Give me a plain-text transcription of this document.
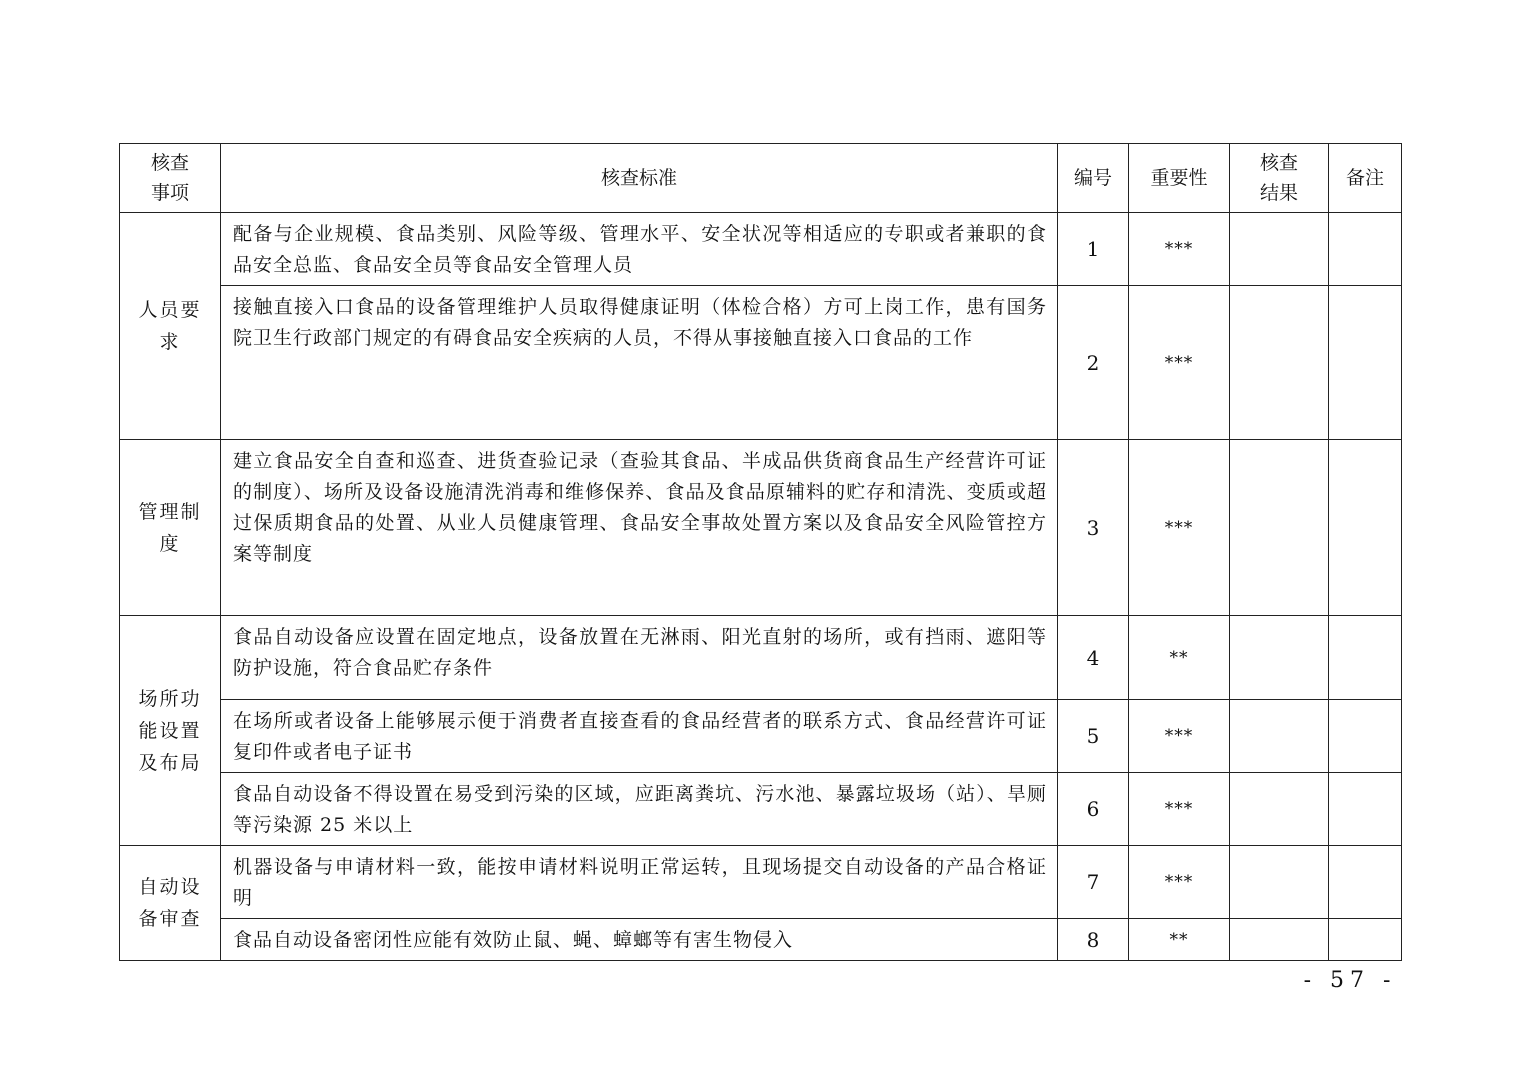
核查事项	核查标准	编号	重要性	核查结果	备注

人员要求	配备与企业规模、食品类别、风险等级、管理水平、安全状况等相适应的专职或者兼职的食品安全总监、食品安全员等食品安全管理人员	1	***		
	接触直接入口食品的设备管理维护人员取得健康证明（体检合格）方可上岗工作，患有国务院卫生行政部门规定的有碍食品安全疾病的人员，不得从事接触直接入口食品的工作	2	***		

管理制度	建立食品安全自查和巡查、进货查验记录（查验其食品、半成品供货商食品生产经营许可证的制度）、场所及设备设施清洗消毒和维修保养、食品及食品原辅料的贮存和清洗、变质或超过保质期食品的处置、从业人员健康管理、食品安全事故处置方案以及食品安全风险管控方案等制度	3	***		

场所功能设置及布局	食品自动设备应设置在固定地点，设备放置在无淋雨、阳光直射的场所，或有挡雨、遮阳等防护设施，符合食品贮存条件	4	**		
	在场所或者设备上能够展示便于消费者直接查看的食品经营者的联系方式、食品经营许可证复印件或者电子证书	5	***		
	食品自动设备不得设置在易受到污染的区域，应距离粪坑、污水池、暴露垃圾场（站）、旱厕等污染源 25 米以上	6	***		

自动设备审查	机器设备与申请材料一致，能按申请材料说明正常运转，且现场提交自动设备的产品合格证明	7	***		
	食品自动设备密闭性应能有效防止鼠、蝇、蟑螂等有害生物侵入	8	**		
- 57 -
